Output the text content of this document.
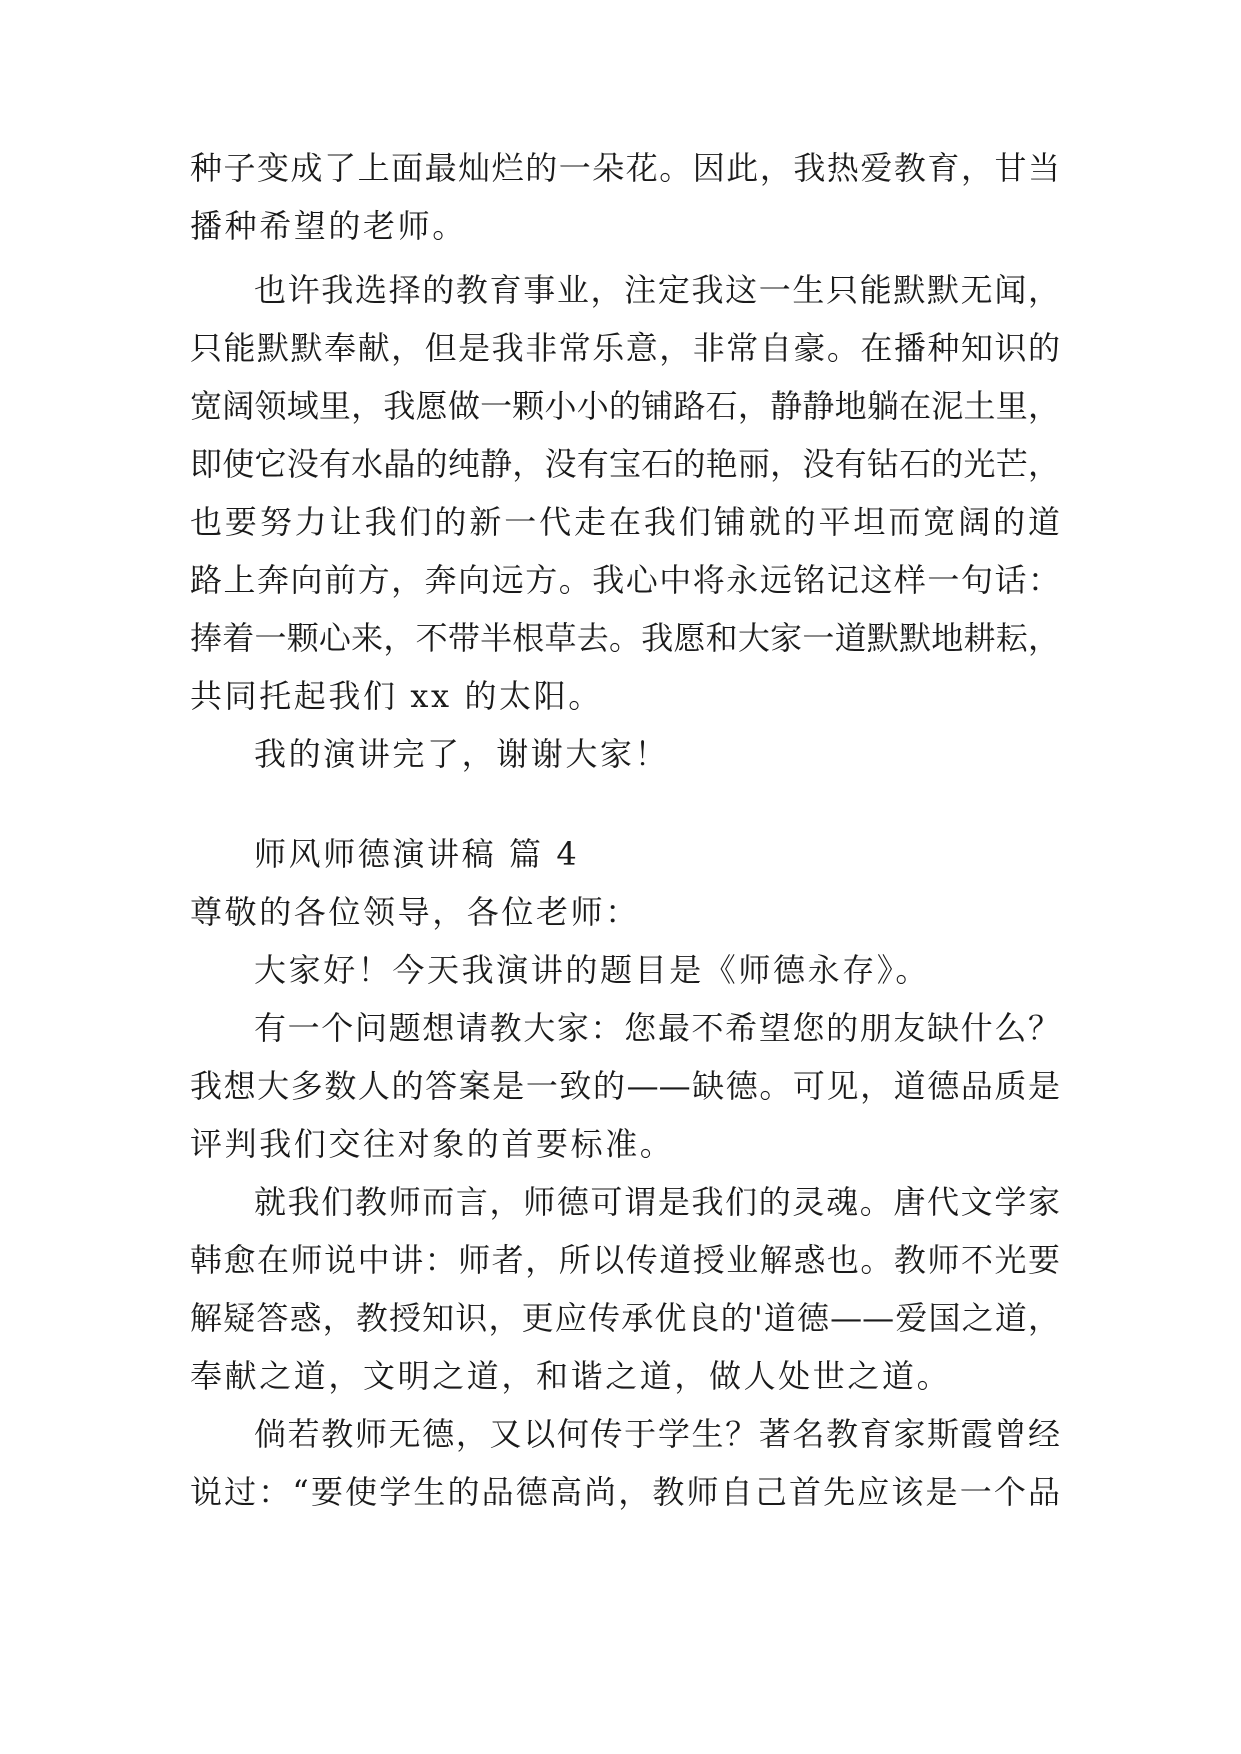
种子变成了上面最灿烂的一朵花。因此，我热爱教育，甘当
播种希望的老师。
也许我选择的教育事业，注定我这一生只能默默无闻，
只能默默奉献，但是我非常乐意，非常自豪。在播种知识的
宽阔领域里，我愿做一颗小小的铺路石，静静地躺在泥土里，
即使它没有水晶的纯静，没有宝石的艳丽，没有钻石的光芒，
也要努力让我们的新一代走在我们铺就的平坦而宽阔的道
路上奔向前方，奔向远方。我心中将永远铭记这样一句话：
捧着一颗心来，不带半根草去。我愿和大家一道默默地耕耘，
共同托起我们 xx 的太阳。
我的演讲完了，谢谢大家！
师风师德演讲稿 篇 4
尊敬的各位领导，各位老师：
大家好！今天我演讲的题目是《师德永存》。
有一个问题想请教大家：您最不希望您的朋友缺什么？
我想大多数人的答案是一致的——缺德。可见，道德品质是
评判我们交往对象的首要标准。
就我们教师而言，师德可谓是我们的灵魂。唐代文学家
韩愈在师说中讲：师者，所以传道授业解惑也。教师不光要
解疑答惑，教授知识，更应传承优良的'道德——爱国之道，
奉献之道，文明之道，和谐之道，做人处世之道。
倘若教师无德，又以何传于学生？著名教育家斯霞曾经
说过：“要使学生的品德高尚，教师自己首先应该是一个品
